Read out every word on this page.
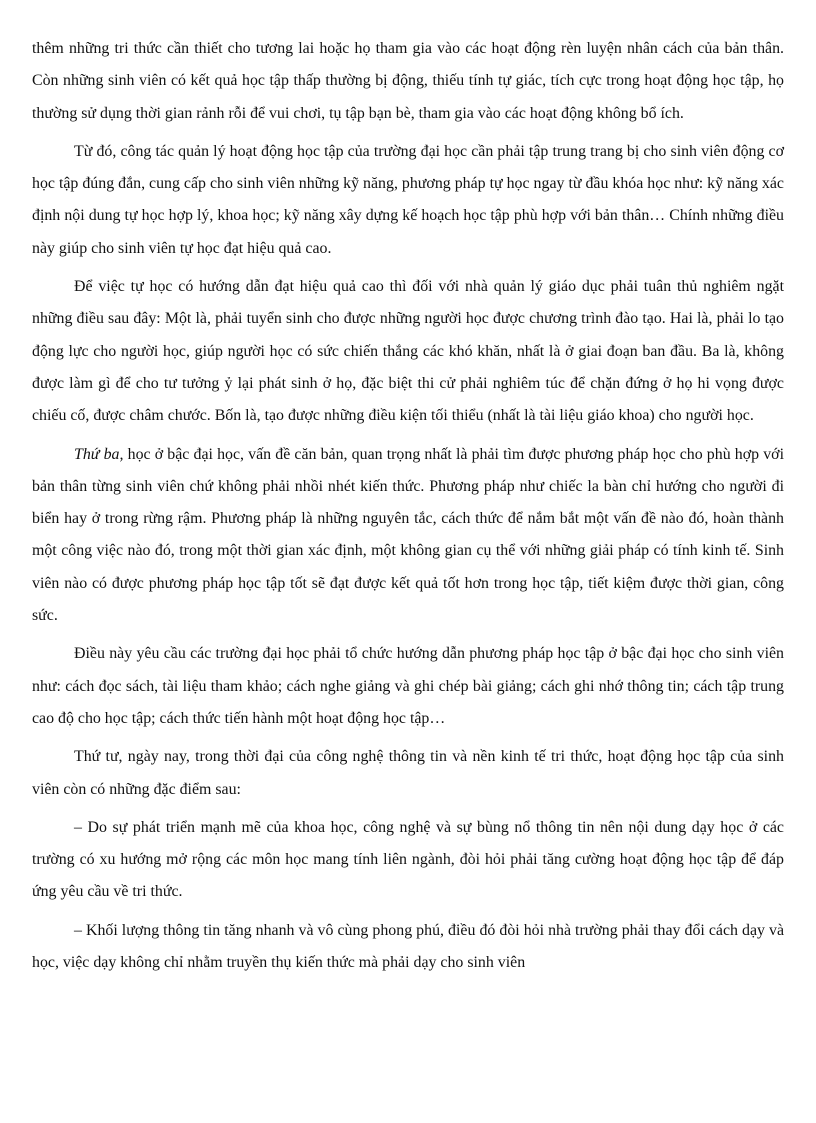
thêm những tri thức cần thiết cho tương lai hoặc họ tham gia vào các hoạt động rèn luyện nhân cách của bản thân. Còn những sinh viên có kết quả học tập thấp thường bị động, thiếu tính tự giác, tích cực trong hoạt động học tập, họ thường sử dụng thời gian rảnh rỗi để vui chơi, tụ tập bạn bè, tham gia vào các hoạt động không bổ ích.

Từ đó, công tác quản lý hoạt động học tập của trường đại học cần phải tập trung trang bị cho sinh viên động cơ học tập đúng đắn, cung cấp cho sinh viên những kỹ năng, phương pháp tự học ngay từ đầu khóa học như: kỹ năng xác định nội dung tự học hợp lý, khoa học; kỹ năng xây dựng kế hoạch học tập phù hợp với bản thân… Chính những điều này giúp cho sinh viên tự học đạt hiệu quả cao.

Để việc tự học có hướng dẫn đạt hiệu quả cao thì đối với nhà quản lý giáo dục phải tuân thủ nghiêm ngặt những điều sau đây: Một là, phải tuyển sinh cho được những người học được chương trình đào tạo. Hai là, phải lo tạo động lực cho người học, giúp người học có sức chiến thắng các khó khăn, nhất là ở giai đoạn ban đầu. Ba là, không được làm gì để cho tư tưởng ỷ lại phát sinh ở họ, đặc biệt thi cử phải nghiêm túc để chặn đứng ở họ hi vọng được chiếu cố, được châm chước. Bốn là, tạo được những điều kiện tối thiểu (nhất là tài liệu giáo khoa) cho người học.

Thứ ba, học ở bậc đại học, vấn đề căn bản, quan trọng nhất là phải tìm được phương pháp học cho phù hợp với bản thân từng sinh viên chứ không phải nhồi nhét kiến thức. Phương pháp như chiếc la bàn chỉ hướng cho người đi biển hay ở trong rừng rậm. Phương pháp là những nguyên tắc, cách thức để nắm bắt một vấn đề nào đó, hoàn thành một công việc nào đó, trong một thời gian xác định, một không gian cụ thể với những giải pháp có tính kinh tế. Sinh viên nào có được phương pháp học tập tốt sẽ đạt được kết quả tốt hơn trong học tập, tiết kiệm được thời gian, công sức.

Điều này yêu cầu các trường đại học phải tổ chức hướng dẫn phương pháp học tập ở bậc đại học cho sinh viên như: cách đọc sách, tài liệu tham khảo; cách nghe giảng và ghi chép bài giảng; cách ghi nhớ thông tin; cách tập trung cao độ cho học tập; cách thức tiến hành một hoạt động học tập…

Thứ tư, ngày nay, trong thời đại của công nghệ thông tin và nền kinh tế tri thức, hoạt động học tập của sinh viên còn có những đặc điểm sau:

– Do sự phát triển mạnh mẽ của khoa học, công nghệ và sự bùng nổ thông tin nên nội dung dạy học ở các trường có xu hướng mở rộng các môn học mang tính liên ngành, đòi hỏi phải tăng cường hoạt động học tập để đáp ứng yêu cầu về tri thức.

– Khối lượng thông tin tăng nhanh và vô cùng phong phú, điều đó đòi hỏi nhà trường phải thay đổi cách dạy và học, việc dạy không chỉ nhằm truyền thụ kiến thức mà phải dạy cho sinh viên
